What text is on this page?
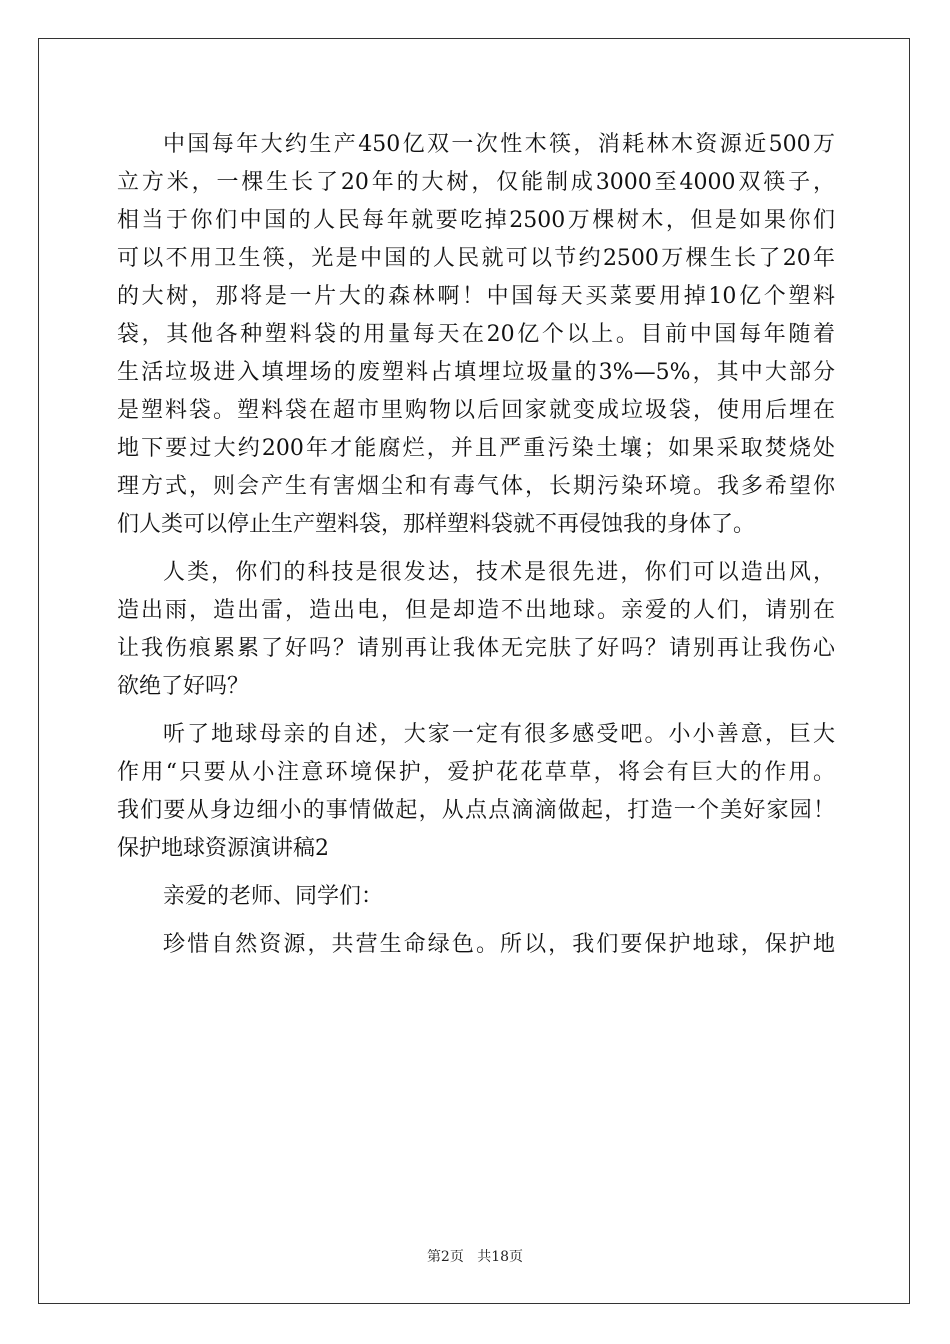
中国每年大约生产450亿双一次性木筷，消耗林木资源近500万
立方米，一棵生长了20年的大树，仅能制成3000至4000双筷子，
相当于你们中国的人民每年就要吃掉2500万棵树木，但是如果你们
可以不用卫生筷，光是中国的人民就可以节约2500万棵生长了20年
的大树，那将是一片大的森林啊！中国每天买菜要用掉10亿个塑料
袋，其他各种塑料袋的用量每天在20亿个以上。目前中国每年随着
生活垃圾进入填埋场的废塑料占填埋垃圾量的3%—5%，其中大部分
是塑料袋。塑料袋在超市里购物以后回家就变成垃圾袋，使用后埋在
地下要过大约200年才能腐烂，并且严重污染土壤；如果采取焚烧处
理方式，则会产生有害烟尘和有毒气体，长期污染环境。我多希望你
们人类可以停止生产塑料袋，那样塑料袋就不再侵蚀我的身体了。
人类，你们的科技是很发达，技术是很先进，你们可以造出风，
造出雨，造出雷，造出电，但是却造不出地球。亲爱的人们，请别在
让我伤痕累累了好吗？请别再让我体无完肤了好吗？请别再让我伤心
欲绝了好吗？
听了地球母亲的自述，大家一定有很多感受吧。小小善意，巨大
作用“只要从小注意环境保护，爱护花花草草，将会有巨大的作用。
我们要从身边细小的事情做起，从点点滴滴做起，打造一个美好家园！
保护地球资源演讲稿2
亲爱的老师、同学们：
珍惜自然资源，共营生命绿色。所以，我们要保护地球，保护地
第2页 共18页
